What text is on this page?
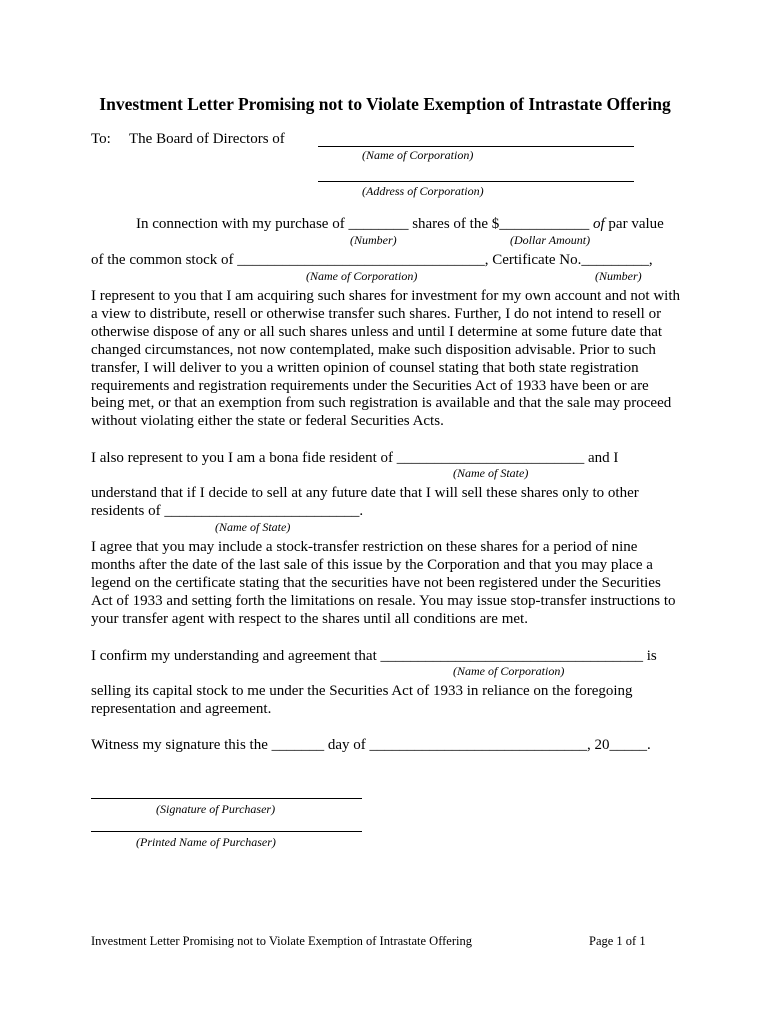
Investment Letter Promising not to Violate Exemption of Intrastate Offering
To: The Board of Directors of
(Name of Corporation)
(Address of Corporation)
In connection with my purchase of ________ shares of the $____________ of par value
(Number)	(Dollar Amount)
of the common stock of _________________________________, Certificate No._________,
(Name of Corporation)	(Number)
I represent to you that I am acquiring such shares for investment for my own account and not with a view to distribute, resell or otherwise transfer such shares. Further, I do not intend to resell or otherwise dispose of any or all such shares unless and until I determine at some future date that changed circumstances, not now contemplated, make such disposition advisable. Prior to such transfer, I will deliver to you a written opinion of counsel stating that both state registration requirements and registration requirements under the Securities Act of 1933 have been or are being met, or that an exemption from such registration is available and that the sale may proceed without violating either the state or federal Securities Acts.
I also represent to you I am a bona fide resident of _________________________ and I
(Name of State)
understand that if I decide to sell at any future date that I will sell these shares only to other residents of __________________________.
(Name of State)
I agree that you may include a stock-transfer restriction on these shares for a period of nine months after the date of the last sale of this issue by the Corporation and that you may place a legend on the certificate stating that the securities have not been registered under the Securities Act of 1933 and setting forth the limitations on resale. You may issue stop-transfer instructions to your transfer agent with respect to the shares until all conditions are met.
I confirm my understanding and agreement that ___________________________________ is
(Name of Corporation)
selling its capital stock to me under the Securities Act of 1933 in reliance on the foregoing representation and agreement.
Witness my signature this the _______ day of _____________________________, 20_____.
(Signature of Purchaser)
(Printed Name of Purchaser)
Investment Letter Promising not to Violate Exemption of Intrastate Offering	Page 1 of 1
